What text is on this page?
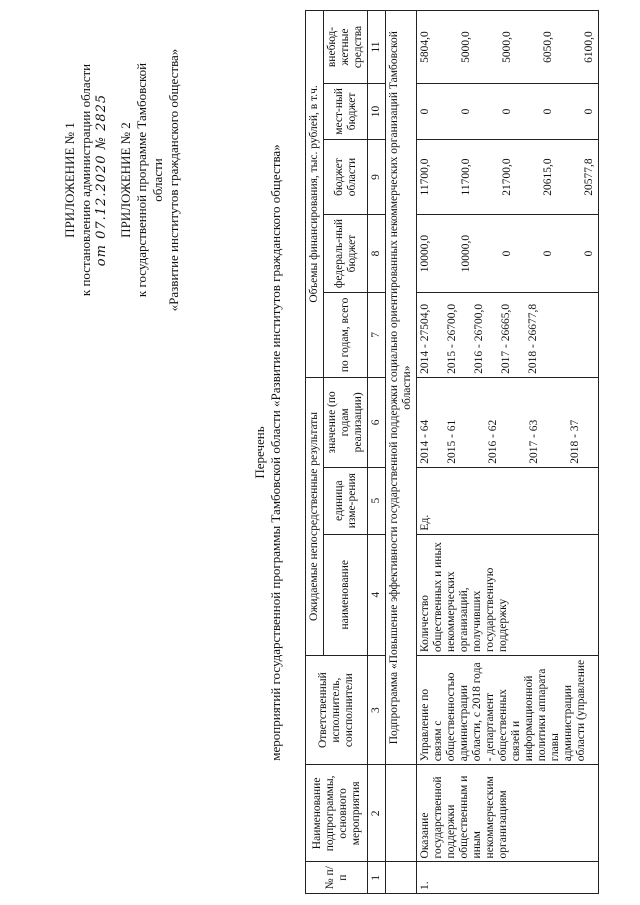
ПРИЛОЖЕНИЕ № 1 к постановлению администрации области от 07.12.2020 № 2825 ПРИЛОЖЕНИЕ № 2 к государственной программе Тамбовской области «Развитие институтов гражданского общества»
Перечень мероприятий государственной программы Тамбовской области «Развитие институтов гражданского общества»
№ п/п	Наименование подпрограммы, основного мероприятия	Ответственный исполнитель, соисполнители	Ожидаемые непосредственные результаты			Объемы финансирования, тыс. рублей, в т.ч.				
			наименование	единица изме-рения	значение (по годам реализации)	по годам, всего	федераль-ный бюджет	бюджет области	мест-ный бюджет	внебюд-жетные средства
1	2	3	4	5	6	7	8	9	10	11
		Подпрограмма «Повышение эффективности государственной поддержки социально ориентированных некоммерческих организаций Тамбовской области»								
1.	Оказание государственной поддержки общественным и иным некоммерческим организациям	Управление по связям с общественностью администрации области, с 2018 года - департамент общественных связей и информационной политики аппарата главы администрации области (управление	Количество общественных и иных некоммерческих организаций, получивших государственную поддержку	Ед.	2014 - 64 2015 - 61 2016 - 62 2017 - 63 2018 - 37	2014 - 27504,0 2015 - 26700,0 2016 - 26700,0 2017 - 26665,0 2018 - 26677,8	10000,0 10000,0 0 0 0	11700,0 11700,0 21700,0 20615,0 20577,8	0 0 0 0 0	5804,0 5000,0 5000,0 6050,0 6100,0
